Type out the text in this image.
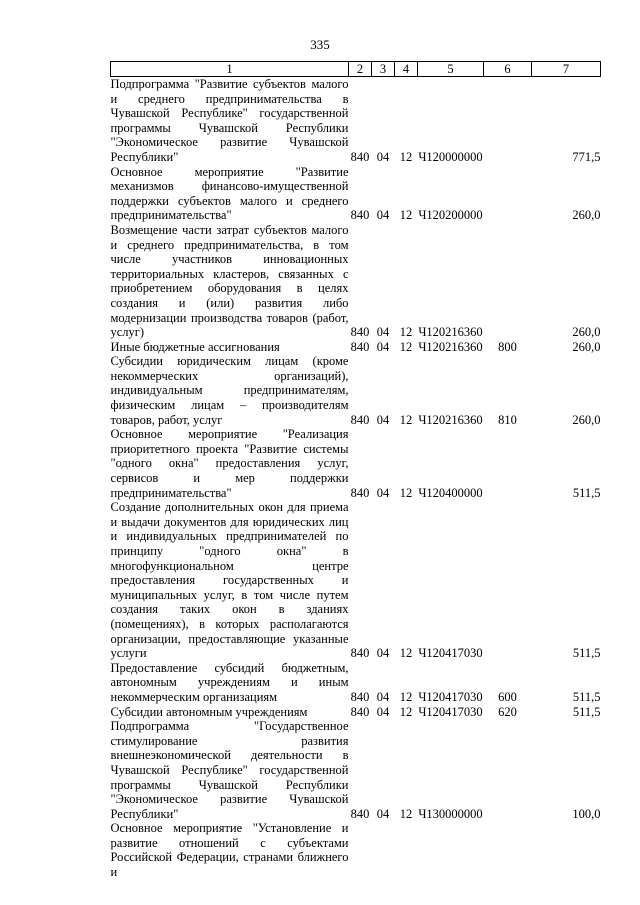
335
1	2	3	4	5	6	7
Подпрограмма "Развитие субъектов малого и среднего предпринимательства в Чувашской Республике" государственной программы Чувашской Республики "Экономическое развитие Чувашской Республики"	840	04	12	Ч120000000		771,5
Основное мероприятие "Развитие механизмов финансово-имущественной поддержки субъектов малого и среднего предпринимательства"	840	04	12	Ч120200000		260,0
Возмещение части затрат субъектов малого и среднего предпринимательства, в том числе участников инновационных территориальных кластеров, связанных с приобретением оборудования в целях создания и (или) развития либо модернизации производства товаров (работ, услуг)	840	04	12	Ч120216360		260,0
Иные бюджетные ассигнования	840	04	12	Ч120216360	800	260,0
Субсидии юридическим лицам (кроме некоммерческих организаций), индивидуальным предпринимателям, физическим лицам – производителям товаров, работ, услуг	840	04	12	Ч120216360	810	260,0
Основное мероприятие "Реализация приоритетного проекта "Развитие системы "одного окна" предоставления услуг, сервисов и мер поддержки предпринимательства"	840	04	12	Ч120400000		511,5
Создание дополнительных окон для приема и выдачи документов для юридических лиц и индивидуальных предпринимателей по принципу "одного окна" в многофункциональном центре предоставления государственных и муниципальных услуг, в том числе путем создания таких окон в зданиях (помещениях), в которых располагаются организации, предоставляющие указанные услуги	840	04	12	Ч120417030		511,5
Предоставление субсидий бюджетным, автономным учреждениям и иным некоммерческим организациям	840	04	12	Ч120417030	600	511,5
Субсидии автономным учреждениям	840	04	12	Ч120417030	620	511,5
Подпрограмма "Государственное стимулирование развития внешнеэкономической деятельности в Чувашской Республике" государственной программы Чувашской Республики "Экономическое развитие Чувашской Республики"	840	04	12	Ч130000000		100,0
Основное мероприятие "Установление и развитие отношений с субъектами Российской Федерации, странами ближнего и						
